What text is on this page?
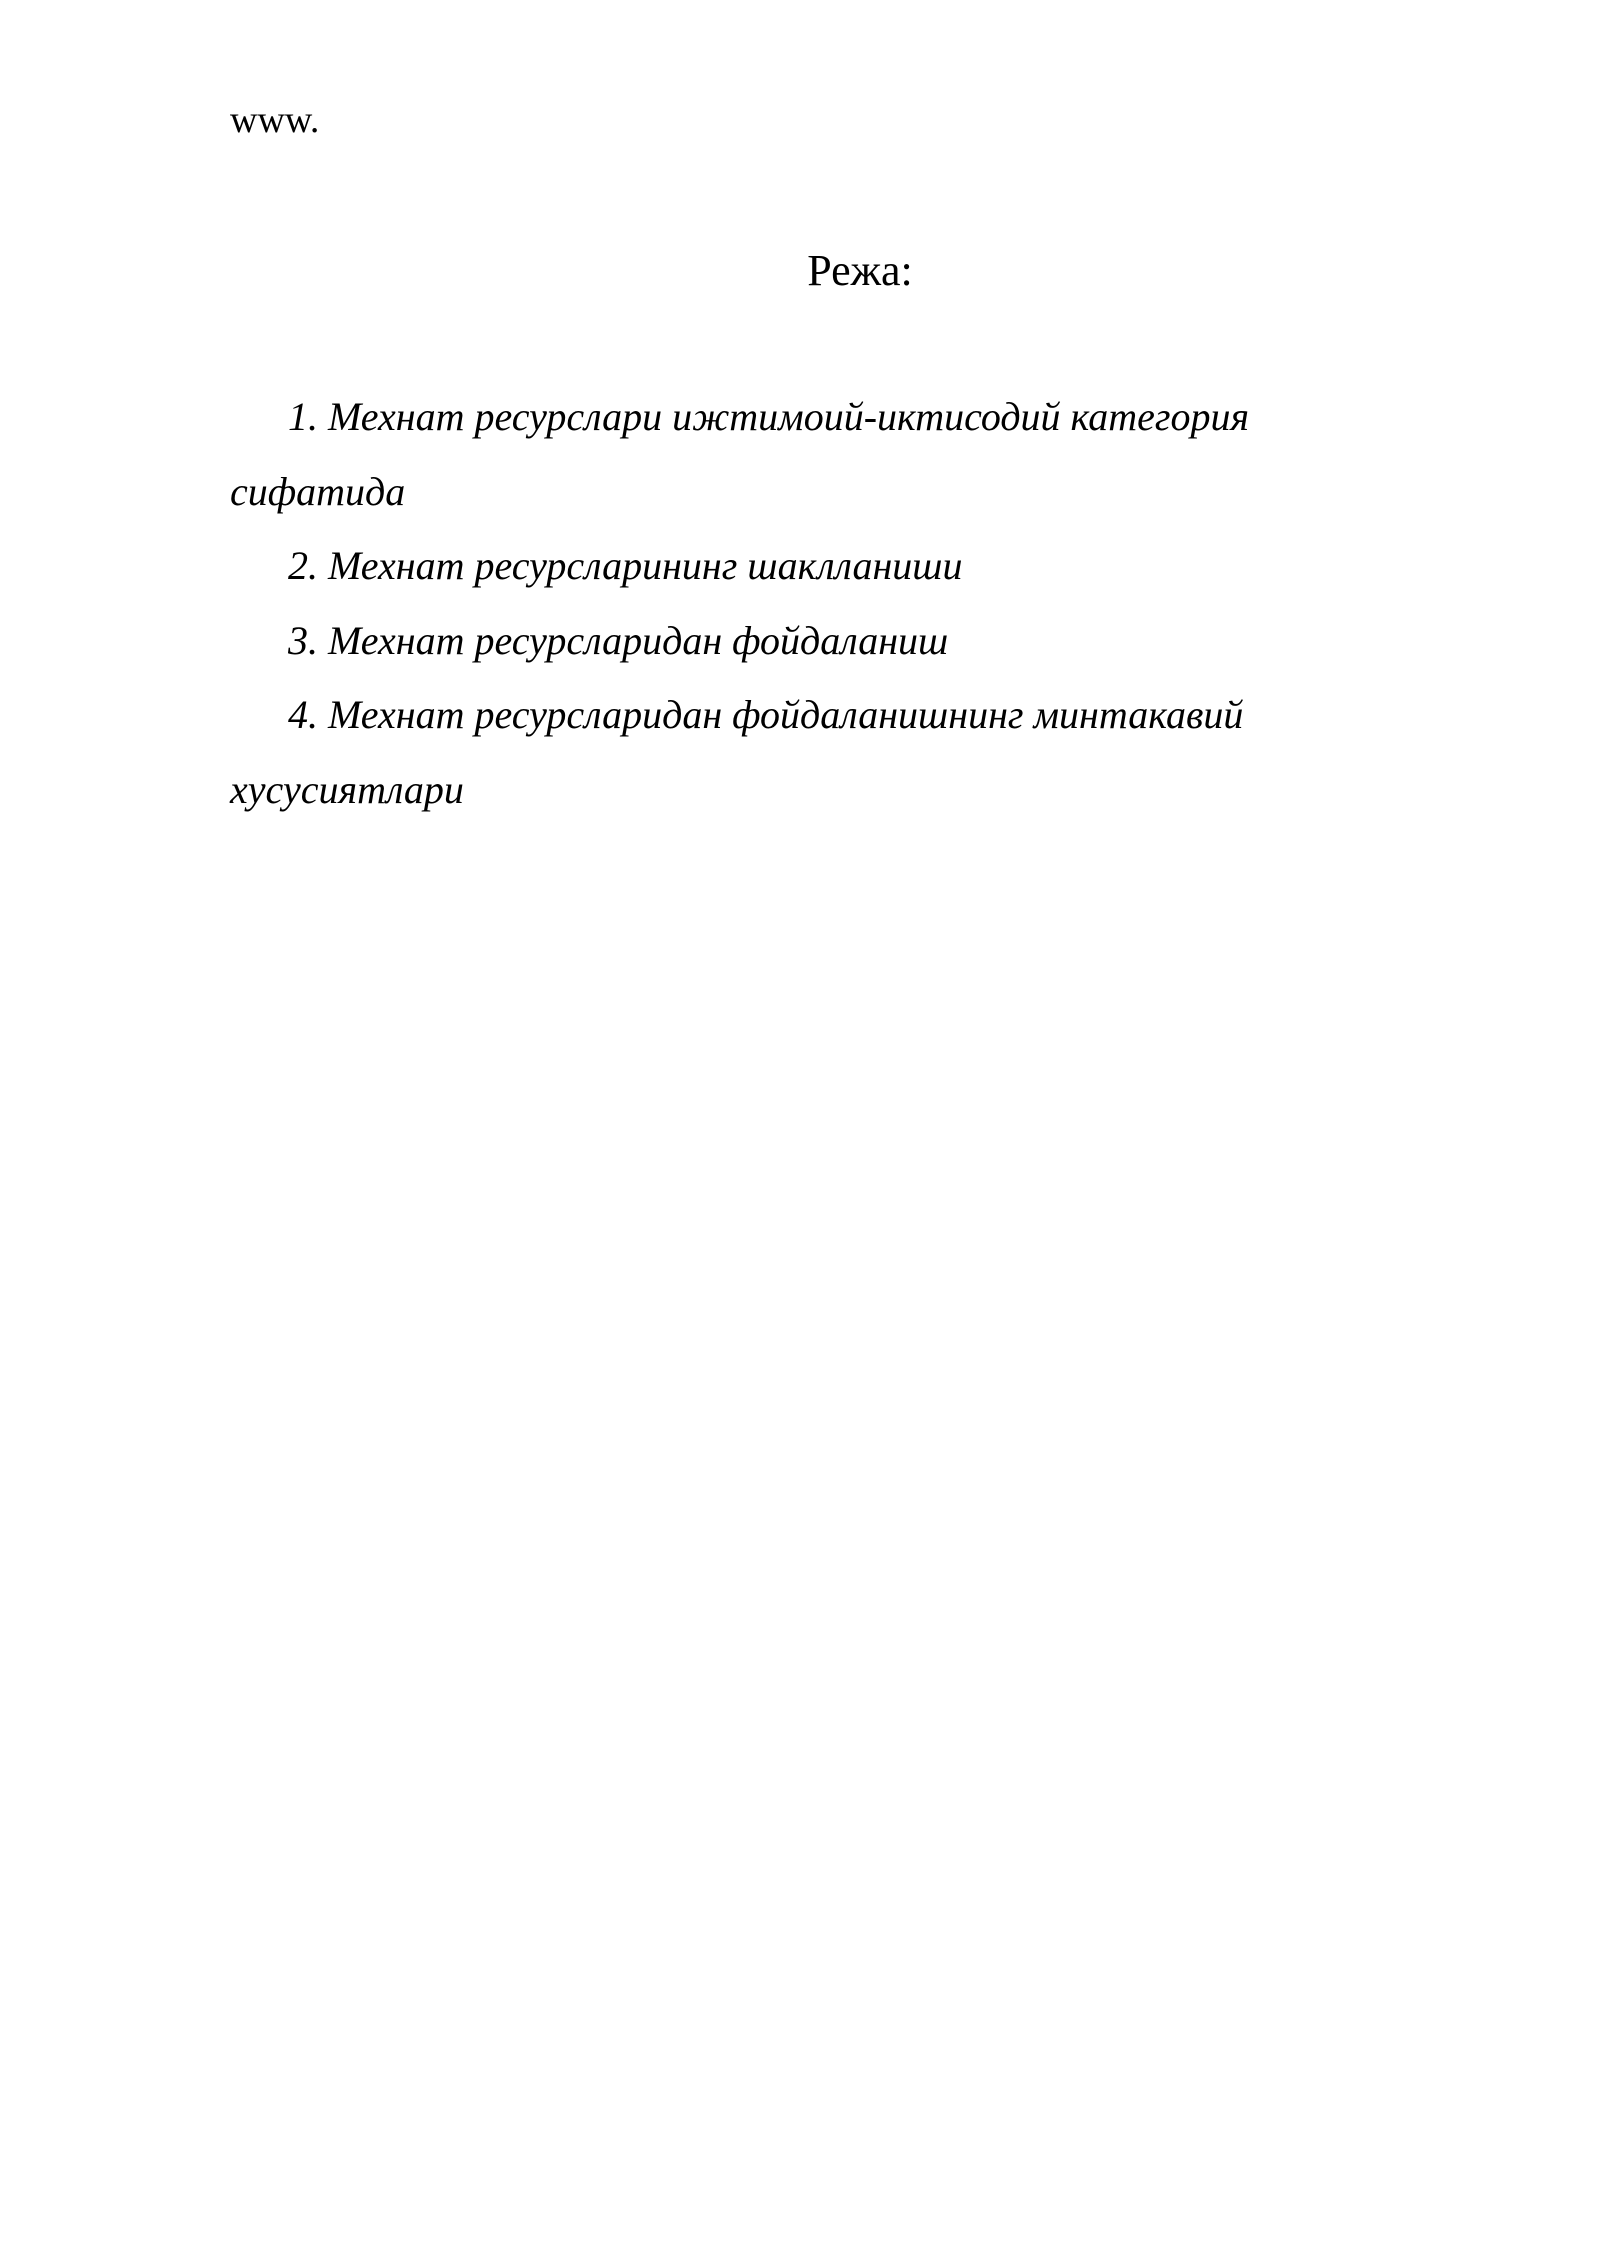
www.
Режа:
1. Мехнат ресурслари ижтимоий-иктисодий категория сифатида
2. Мехнат ресурсларининг шаклланиши
3. Мехнат ресурсларидан фойдаланиш
4. Мехнат ресурсларидан фойдаланишнинг минтакавий хусусиятлари
